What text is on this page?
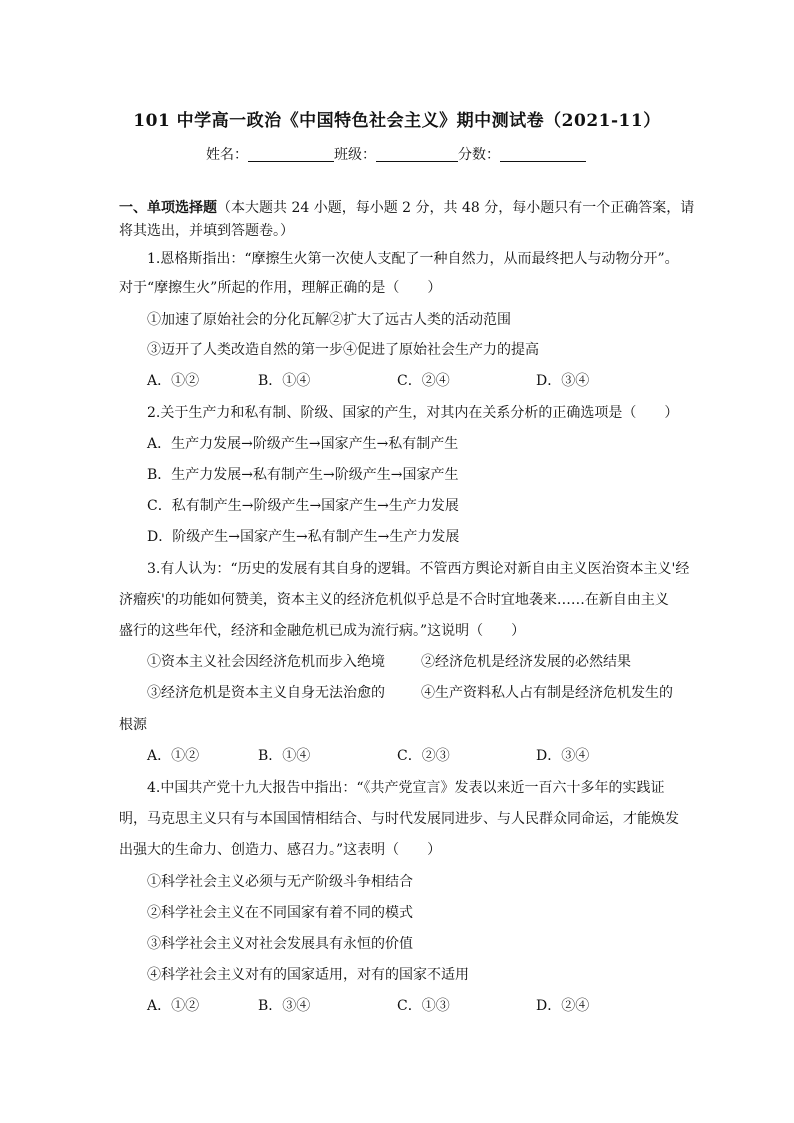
101 中学高一政治《中国特色社会主义》期中测试卷（2021-11）
姓名：	班级：	分数：
一、单项选择题（本大题共 24 小题，每小题 2 分，共 48 分，每小题只有一个正确答案，请
将其选出，并填到答题卷。）
1.恩格斯指出：“摩擦生火第一次使人支配了一种自然力，从而最终把人与动物分开”。
对于“摩擦生火”所起的作用，理解正确的是（　　）
①加速了原始社会的分化瓦解②扩大了远古人类的活动范围
③迈开了人类改造自然的第一步④促进了原始社会生产力的提高
A．①②	B．①④	C．②④	D．③④
2.关于生产力和私有制、阶级、国家的产生，对其内在关系分析的正确选项是（　　）
A．生产力发展→阶级产生→国家产生→私有制产生
B．生产力发展→私有制产生→阶级产生→国家产生
C．私有制产生→阶级产生→国家产生→生产力发展
D．阶级产生→国家产生→私有制产生→生产力发展
3.有人认为：“历史的发展有其自身的逻辑。不管西方舆论对新自由主义医治资本主义'经
济瘤疾'的功能如何赞美，资本主义的经济危机似乎总是不合时宜地袭来……在新自由主义
盛行的这些年代，经济和金融危机已成为流行病。”这说明（　　）
①资本主义社会因经济危机而步入绝境	②经济危机是经济发展的必然结果
③经济危机是资本主义自身无法治愈的	④生产资料私人占有制是经济危机发生的
根源
A．①②	B．①④	C．②③	D．③④
4.中国共产党十九大报告中指出：“《共产党宣言》发表以来近一百六十多年的实践证
明，马克思主义只有与本国国情相结合、与时代发展同进步、与人民群众同命运，才能焕发
出强大的生命力、创造力、感召力。”这表明（　　）
①科学社会主义必须与无产阶级斗争相结合
②科学社会主义在不同国家有着不同的模式
③科学社会主义对社会发展具有永恒的价值
④科学社会主义对有的国家适用，对有的国家不适用
A．①②	B．③④	C．①③	D．②④
